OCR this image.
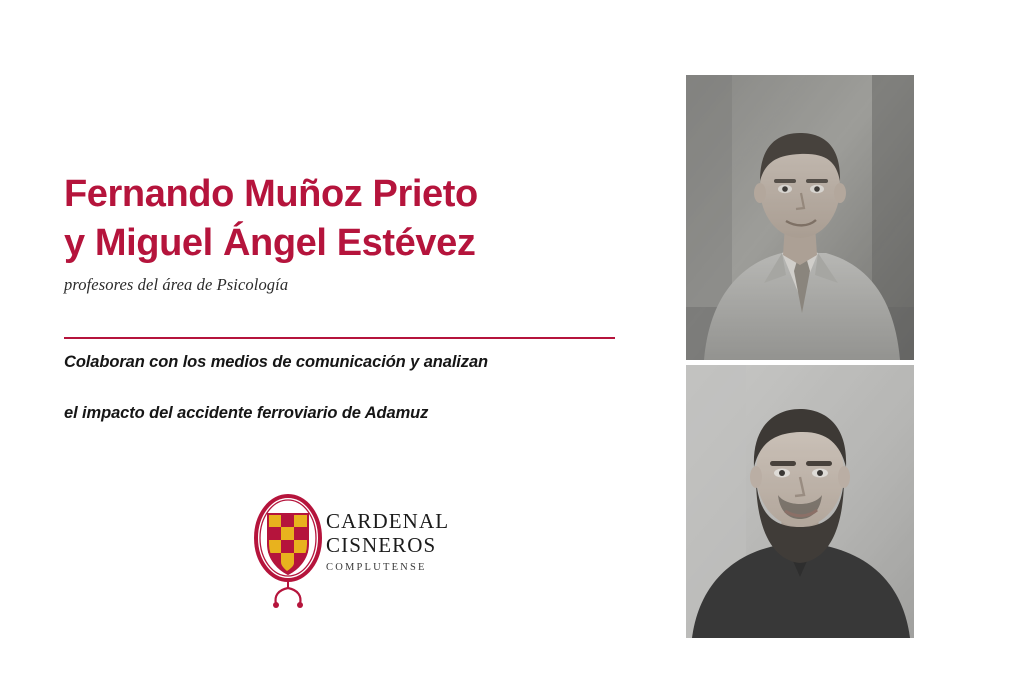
Fernando Muñoz Prieto
y Miguel Ángel Estévez

profesores del área de Psicología

Colaboran con los medios de comunicación y analizan

el impacto del accidente ferroviario de Adamuz

CARDENAL
CISNEROS
COMPLUTENSE
